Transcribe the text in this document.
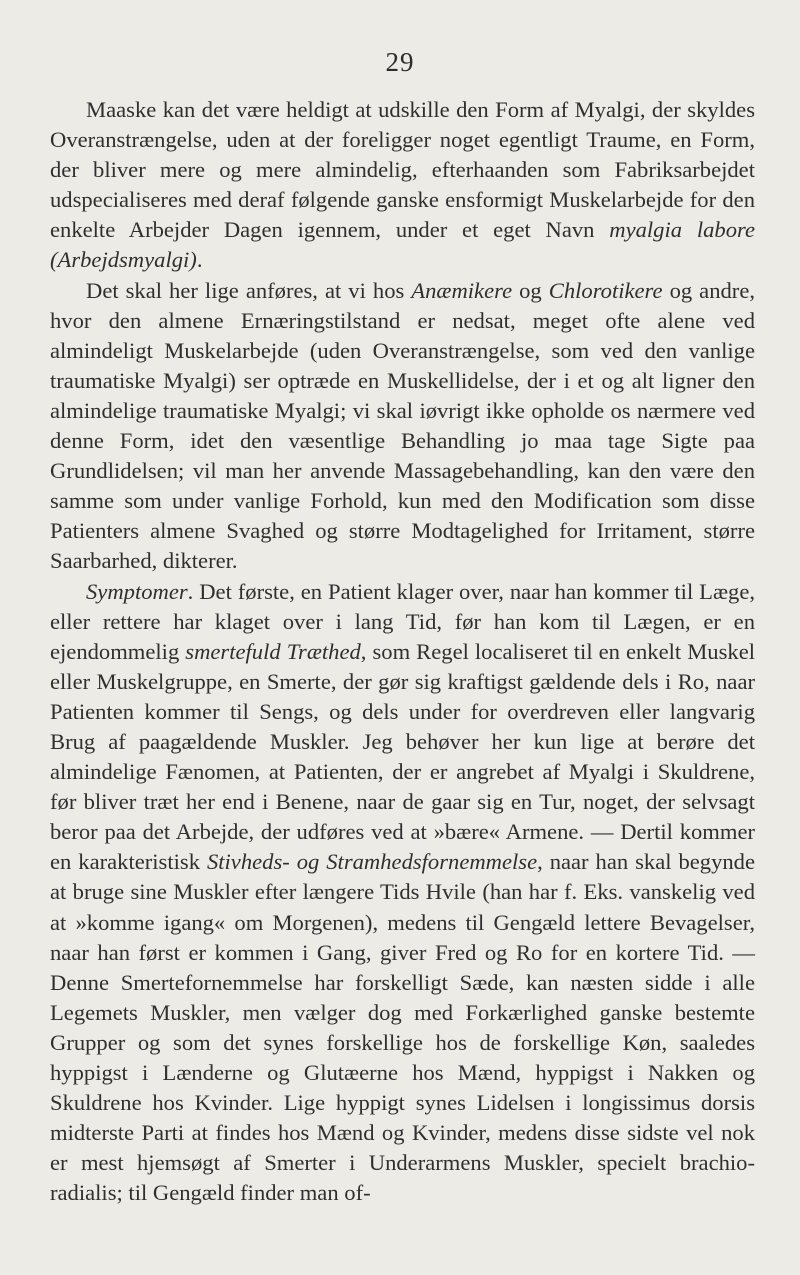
29

Maaske kan det være heldigt at udskille den Form af Myalgi, der skyldes Overanstrængelse, uden at der foreligger noget egentligt Traume, en Form, der bliver mere og mere almindelig, efterhaanden som Fabriksarbejdet udspecialiseres med deraf følgende ganske ensformigt Muskelarbejde for den enkelte Arbejder Dagen igennem, under et eget Navn myalgia labore (Arbejdsmyalgi).

Det skal her lige anføres, at vi hos Anæmikere og Chlorotikere og andre, hvor den almene Ernæringstilstand er nedsat, meget ofte alene ved almindeligt Muskelarbejde (uden Overanstrængelse, som ved den vanlige traumatiske Myalgi) ser optræde en Muskellidelse, der i et og alt ligner den almindelige traumatiske Myalgi; vi skal iøvrigt ikke opholde os nærmere ved denne Form, idet den væsentlige Behandling jo maa tage Sigte paa Grundlidelsen; vil man her anvende Massagebehandling, kan den være den samme som under vanlige Forhold, kun med den Modification som disse Patienters almene Svaghed og større Modtagelighed for Irritament, større Saarbarhed, dikterer.

Symptomer. Det første, en Patient klager over, naar han kommer til Læge, eller rettere har klaget over i lang Tid, før han kom til Lægen, er en ejendommelig smertefuld Træthed, som Regel localiseret til en enkelt Muskel eller Muskelgruppe, en Smerte, der gør sig kraftigst gældende dels i Ro, naar Patienten kommer til Sengs, og dels under for overdreven eller langvarig Brug af paagældende Muskler. Jeg behøver her kun lige at berøre det almindelige Fænomen, at Patienten, der er angrebet af Myalgi i Skuldrene, før bliver træt her end i Benene, naar de gaar sig en Tur, noget, der selvsagt beror paa det Arbejde, der udføres ved at »bære« Armene. — Dertil kommer en karakteristisk Stivheds- og Stramhedsfornemmelse, naar han skal begynde at bruge sine Muskler efter længere Tids Hvile (han har f. Eks. vanskelig ved at »komme igang« om Morgenen), medens til Gengæld lettere Bevagelser, naar han først er kommen i Gang, giver Fred og Ro for en kortere Tid. — Denne Smertefornemmelse har forskelligt Sæde, kan næsten sidde i alle Legemets Muskler, men vælger dog med Forkærlighed ganske bestemte Grupper og som det synes forskellige hos de forskellige Køn, saaledes hyppigst i Lænderne og Glutæerne hos Mænd, hyppigst i Nakken og Skuldrene hos Kvinder. Lige hyppigt synes Lidelsen i longissimus dorsis midterste Parti at findes hos Mænd og Kvinder, medens disse sidste vel nok er mest hjemsøgt af Smerter i Underarmens Muskler, specielt brachio-radialis; til Gengæld finder man of-
